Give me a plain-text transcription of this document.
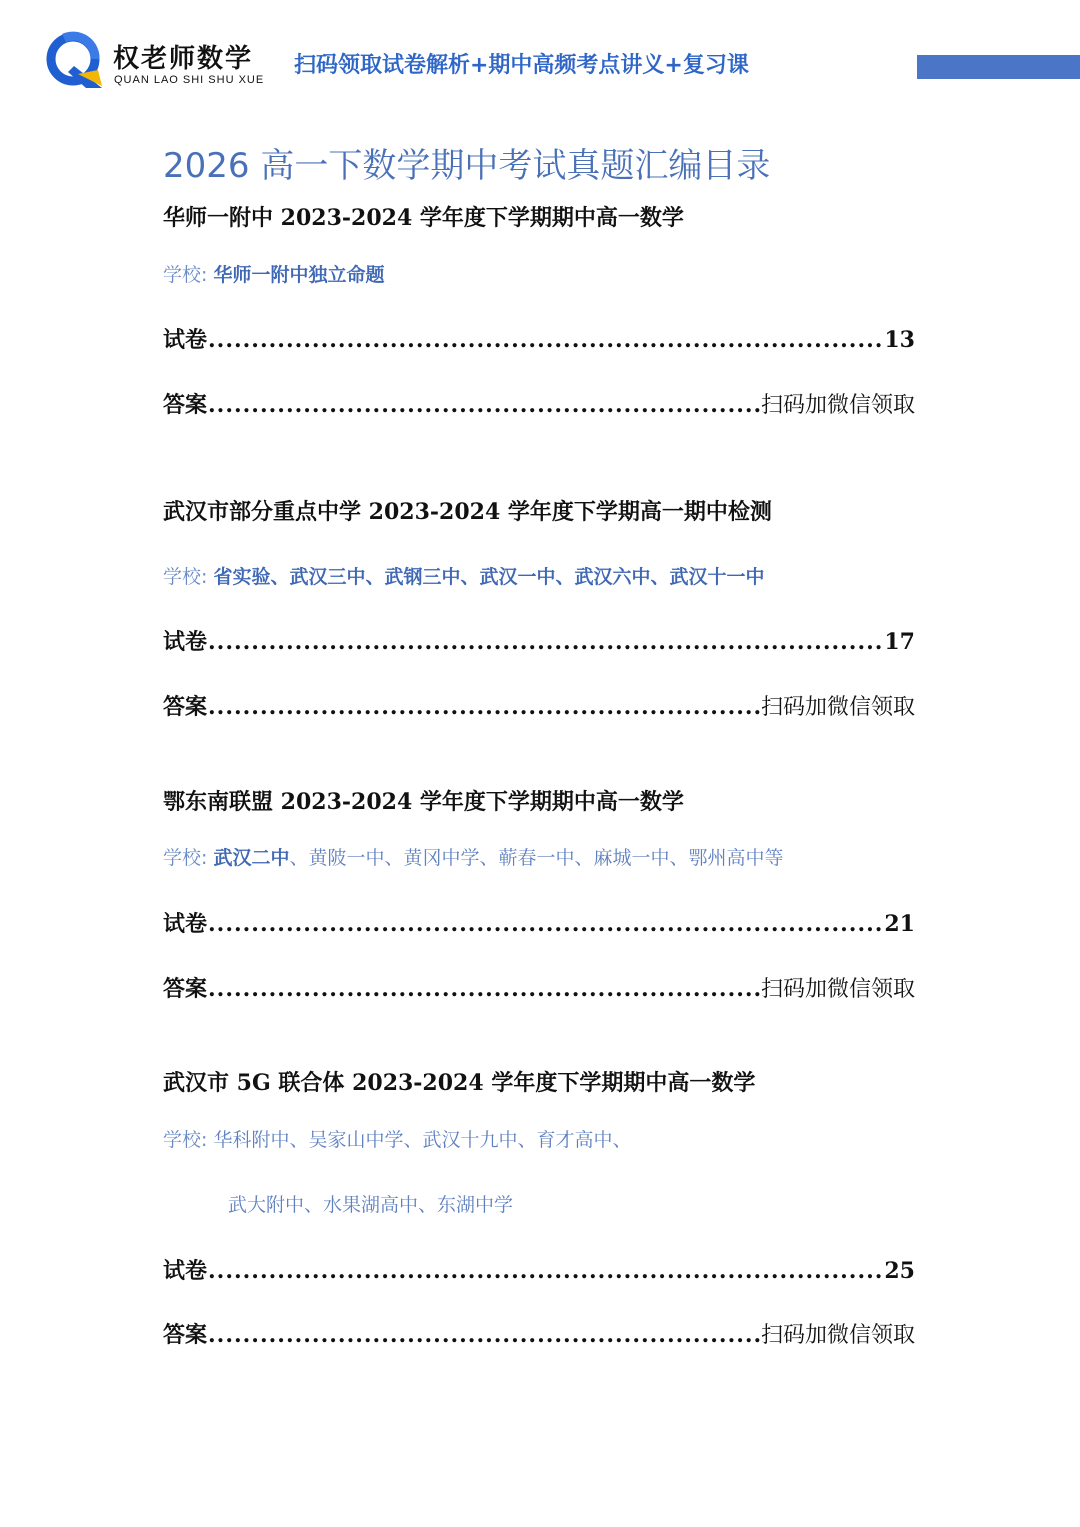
权老师数学
QUAN LAO SHI SHU XUE
扫码领取试卷解析+期中高频考点讲义+复习课
2026 高一下数学期中考试真题汇编目录
华师一附中 2023-2024 学年度下学期期中高一数学
学校: 华师一附中独立命题
试卷 .....	13
答案 .....	扫码加微信领取
武汉市部分重点中学 2023-2024 学年度下学期高一期中检测
学校: 省实验、武汉三中、武钢三中、武汉一中、武汉六中、武汉十一中
试卷 .....	17
答案 .....	扫码加微信领取
鄂东南联盟 2023-2024 学年度下学期期中高一数学
学校: 武汉二中、黄陂一中、黄冈中学、蕲春一中、麻城一中、鄂州高中等
试卷 .....	21
答案 .....	扫码加微信领取
武汉市 5G 联合体 2023-2024 学年度下学期期中高一数学
学校: 华科附中、吴家山中学、武汉十九中、育才高中、
武大附中、水果湖高中、东湖中学
试卷 .....	25
答案 .....	扫码加微信领取
